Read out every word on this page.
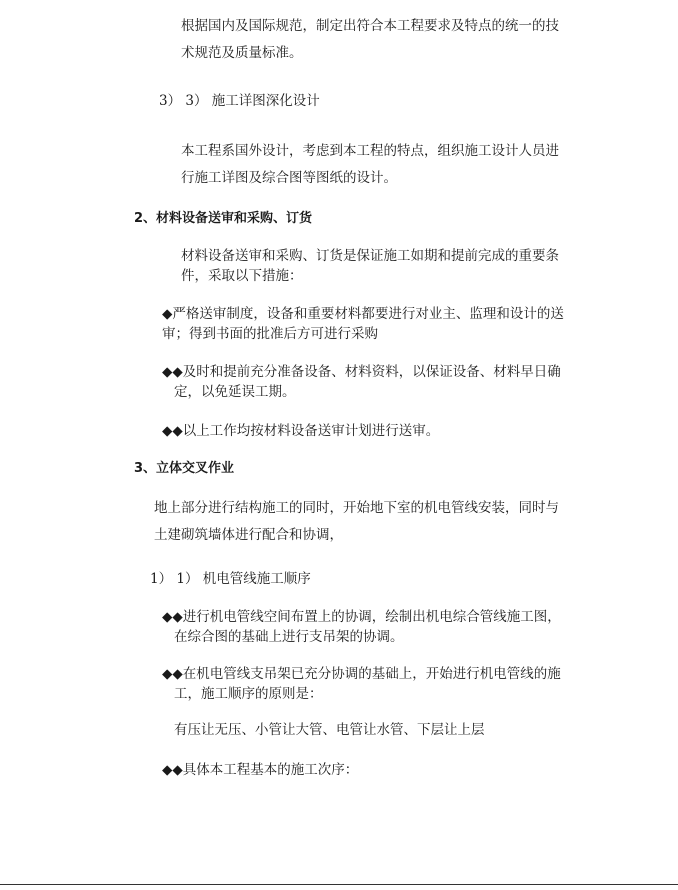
根据国内及国际规范，制定出符合本工程要求及特点的统一的技
术规范及质量标准。
3） 3） 施工详图深化设计
本工程系国外设计，考虑到本工程的特点，组织施工设计人员进
行施工详图及综合图等图纸的设计。
2、材料设备送审和采购、订货
材料设备送审和采购、订货是保证施工如期和提前完成的重要条
件，采取以下措施：
◆严格送审制度，设备和重要材料都要进行对业主、监理和设计的送
审；得到书面的批准后方可进行采购
◆◆及时和提前充分准备设备、材料资料，以保证设备、材料早日确
定，以免延误工期。
◆◆以上工作均按材料设备送审计划进行送审。
3、立体交叉作业
地上部分进行结构施工的同时，开始地下室的机电管线安装，同时与
土建砌筑墙体进行配合和协调，
1） 1） 机电管线施工顺序
◆◆进行机电管线空间布置上的协调，绘制出机电综合管线施工图，
在综合图的基础上进行支吊架的协调。
◆◆在机电管线支吊架已充分协调的基础上，开始进行机电管线的施
工，施工顺序的原则是：
有压让无压、小管让大管、电管让水管、下层让上层
◆◆具体本工程基本的施工次序：
